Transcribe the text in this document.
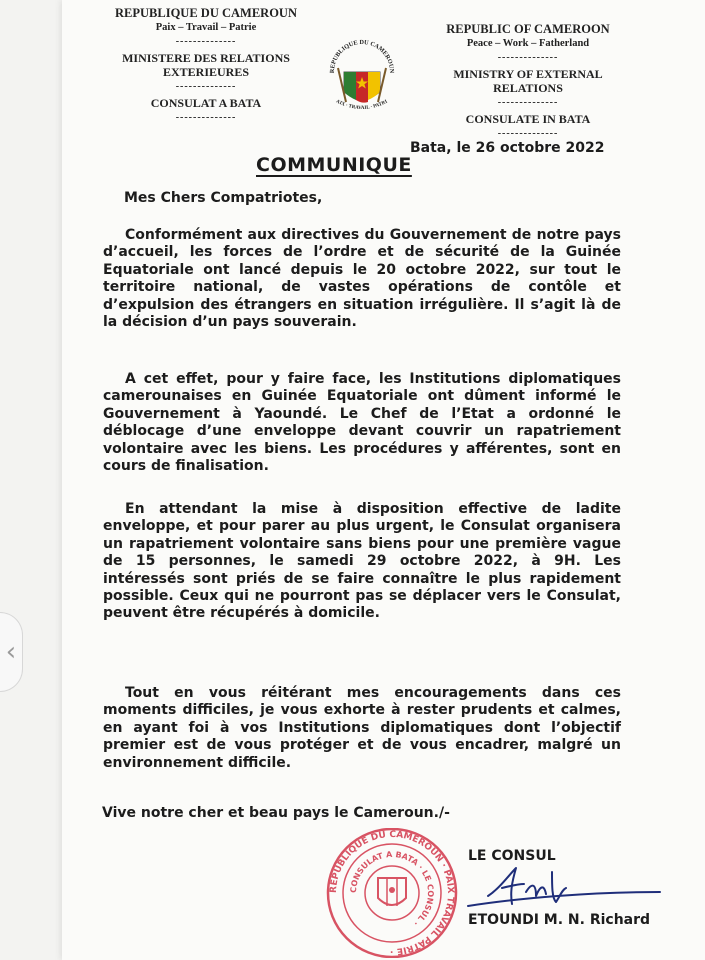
‹
REPUBLIQUE DU CAMEROUN
Paix – Travail – Patrie
--------------
MINISTERE DES RELATIONS EXTERIEURES
--------------
CONSULAT A BATA
--------------
REPUBLIC OF CAMEROON
Peace – Work – Fatherland
--------------
MINISTRY OF EXTERNAL RELATIONS
--------------
CONSULATE IN BATA
--------------
REPUBLIQUE DU CAMEROUN
AIX · TRAVAIL · PATRI
Bata, le 26 octobre 2022
COMMUNIQUE
Mes Chers Compatriotes,

Conformément aux directives du Gouvernement de notre pays d’accueil, les forces de l’ordre et de sécurité de la Guinée Equatoriale ont lancé depuis le 20 octobre 2022, sur tout le territoire national, de vastes opérations de contôle et d’expulsion des étrangers en situation irrégulière. Il s’agit là de la décision d’un pays souverain.

A cet effet, pour y faire face, les Institutions diplomatiques camerounaises en Guinée Equatoriale ont dûment informé le Gouvernement à Yaoundé. Le Chef de l’Etat a ordonné le déblocage d’une enveloppe devant couvrir un rapatriement volontaire avec les biens. Les procédures y afférentes, sont en cours de finalisation.

En attendant la mise à disposition effective de ladite enveloppe, et pour parer au plus urgent, le Consulat organisera un rapatriement volontaire sans biens pour une première vague de 15 personnes, le samedi 29 octobre 2022, à 9H. Les intéressés sont priés de se faire connaître le plus rapidement possible. Ceux qui ne pourront pas se déplacer vers le Consulat, peuvent être récupérés à domicile.

Tout en vous réitérant mes encouragements dans ces moments difficiles, je vous exhorte à rester prudents et calmes, en ayant foi à vos Institutions diplomatiques dont l’objectif premier est de vous protéger et de vous encadrer, malgré un environnement difficile.

Vive notre cher et beau pays le Cameroun./-
REPUBLIQUE DU CAMEROUN · PAIX TRAVAIL PATRIE ·
CONSULAT A BATA · LE CONSUL ·
LE CONSUL
ETOUNDI M. N. Richard
